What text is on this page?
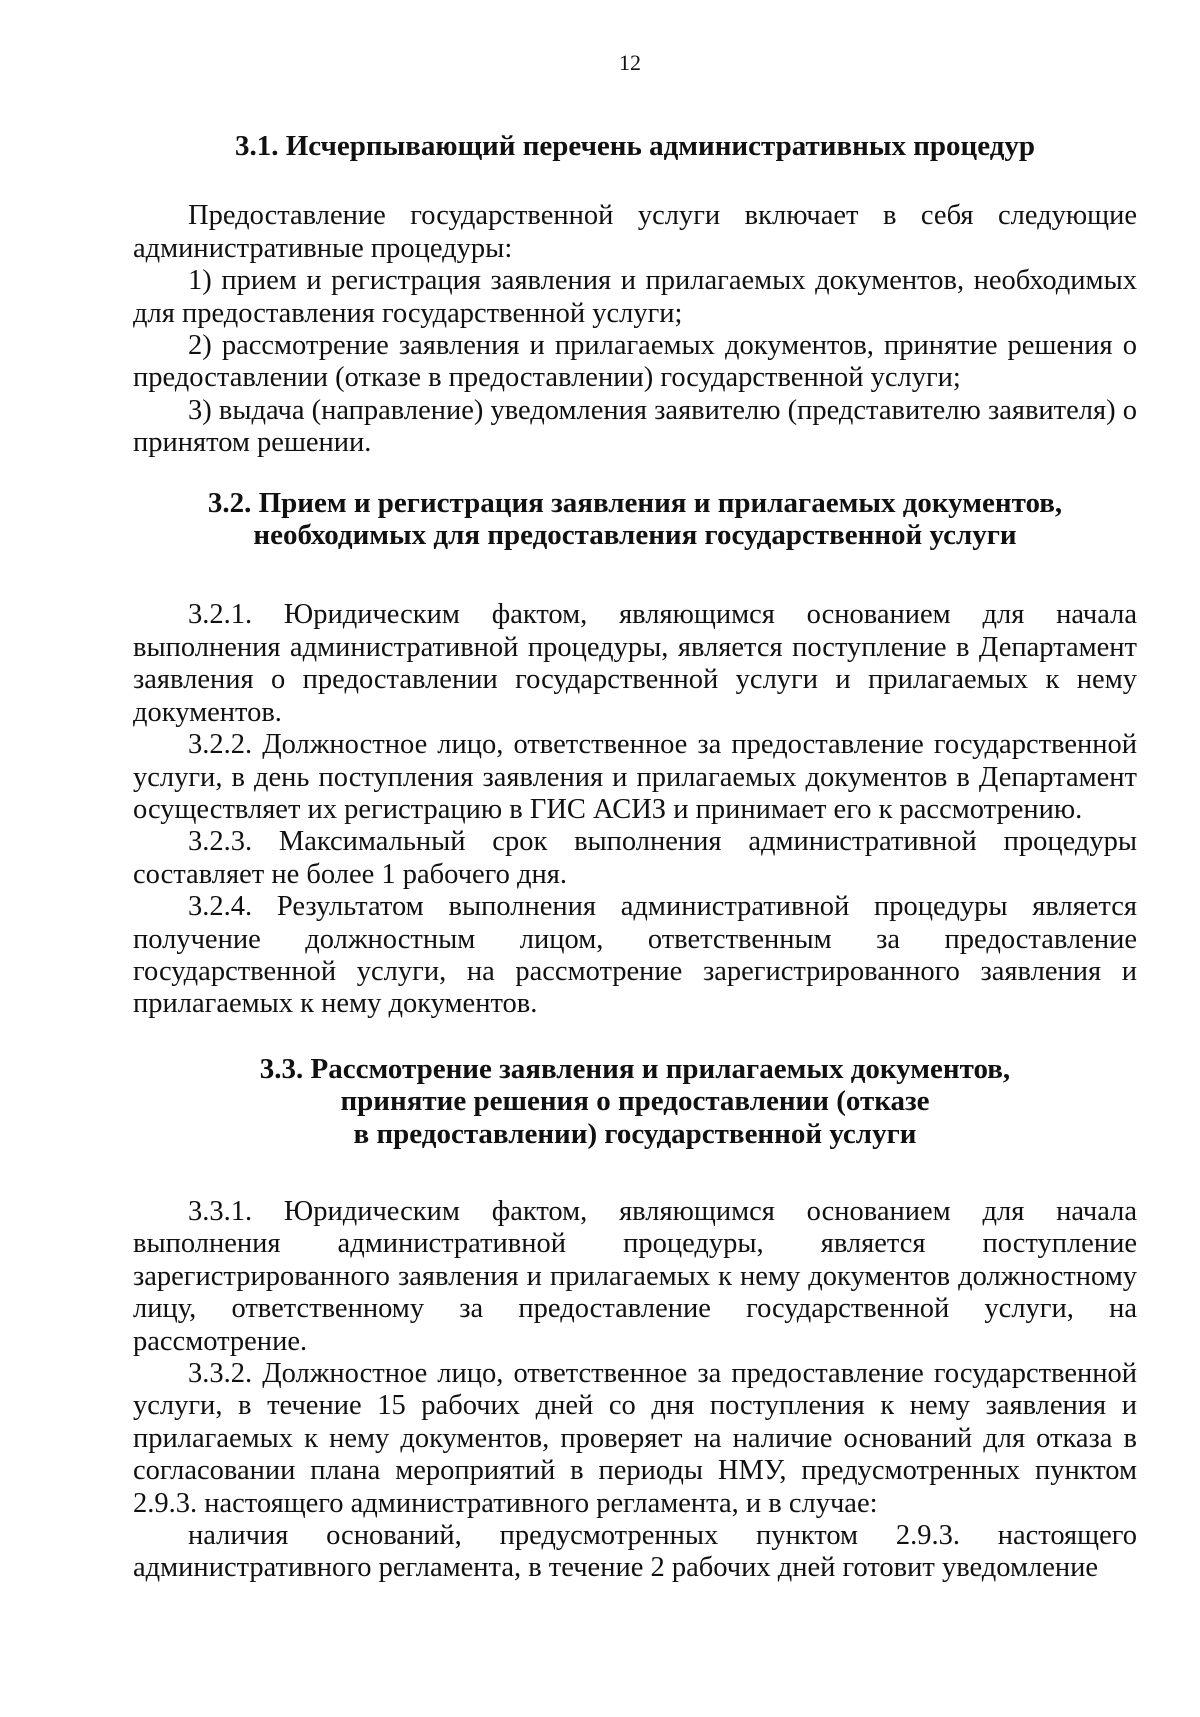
12
3.1. Исчерпывающий перечень административных процедур

Предоставление государственной услуги включает в себя следующие административные процедуры:

1) прием и регистрация заявления и прилагаемых документов, необходимых для предоставления государственной услуги;

2) рассмотрение заявления и прилагаемых документов, принятие решения о предоставлении (отказе в предоставлении) государственной услуги;

3) выдача (направление) уведомления заявителю (представителю заявителя) о принятом решении.

3.2. Прием и регистрация заявления и прилагаемых документов,
необходимых для предоставления государственной услуги

3.2.1. Юридическим фактом, являющимся основанием для начала выполнения административной процедуры, является поступление в Департамент заявления о предоставлении государственной услуги и прилагаемых к нему документов.

3.2.2. Должностное лицо, ответственное за предоставление государственной услуги, в день поступления заявления и прилагаемых документов в Департамент осуществляет их регистрацию в ГИС АСИЗ и принимает его к рассмотрению.

3.2.3. Максимальный срок выполнения административной процедуры составляет не более 1 рабочего дня.

3.2.4. Результатом выполнения административной процедуры является получение должностным лицом, ответственным за предоставление государственной услуги, на рассмотрение зарегистрированного заявления и прилагаемых к нему документов.

3.3. Рассмотрение заявления и прилагаемых документов,
принятие решения о предоставлении (отказе
в предоставлении) государственной услуги

3.3.1. Юридическим фактом, являющимся основанием для начала выполнения административной процедуры, является поступление зарегистрированного заявления и прилагаемых к нему документов должностному лицу, ответственному за предоставление государственной услуги, на рассмотрение.

3.3.2. Должностное лицо, ответственное за предоставление государственной услуги, в течение 15 рабочих дней со дня поступления к нему заявления и прилагаемых к нему документов, проверяет на наличие оснований для отказа в согласовании плана мероприятий в периоды НМУ, предусмотренных пунктом 2.9.3. настоящего административного регламента, и в случае:

наличия оснований, предусмотренных пунктом 2.9.3. настоящего административного регламента, в течение 2 рабочих дней готовит уведомление
